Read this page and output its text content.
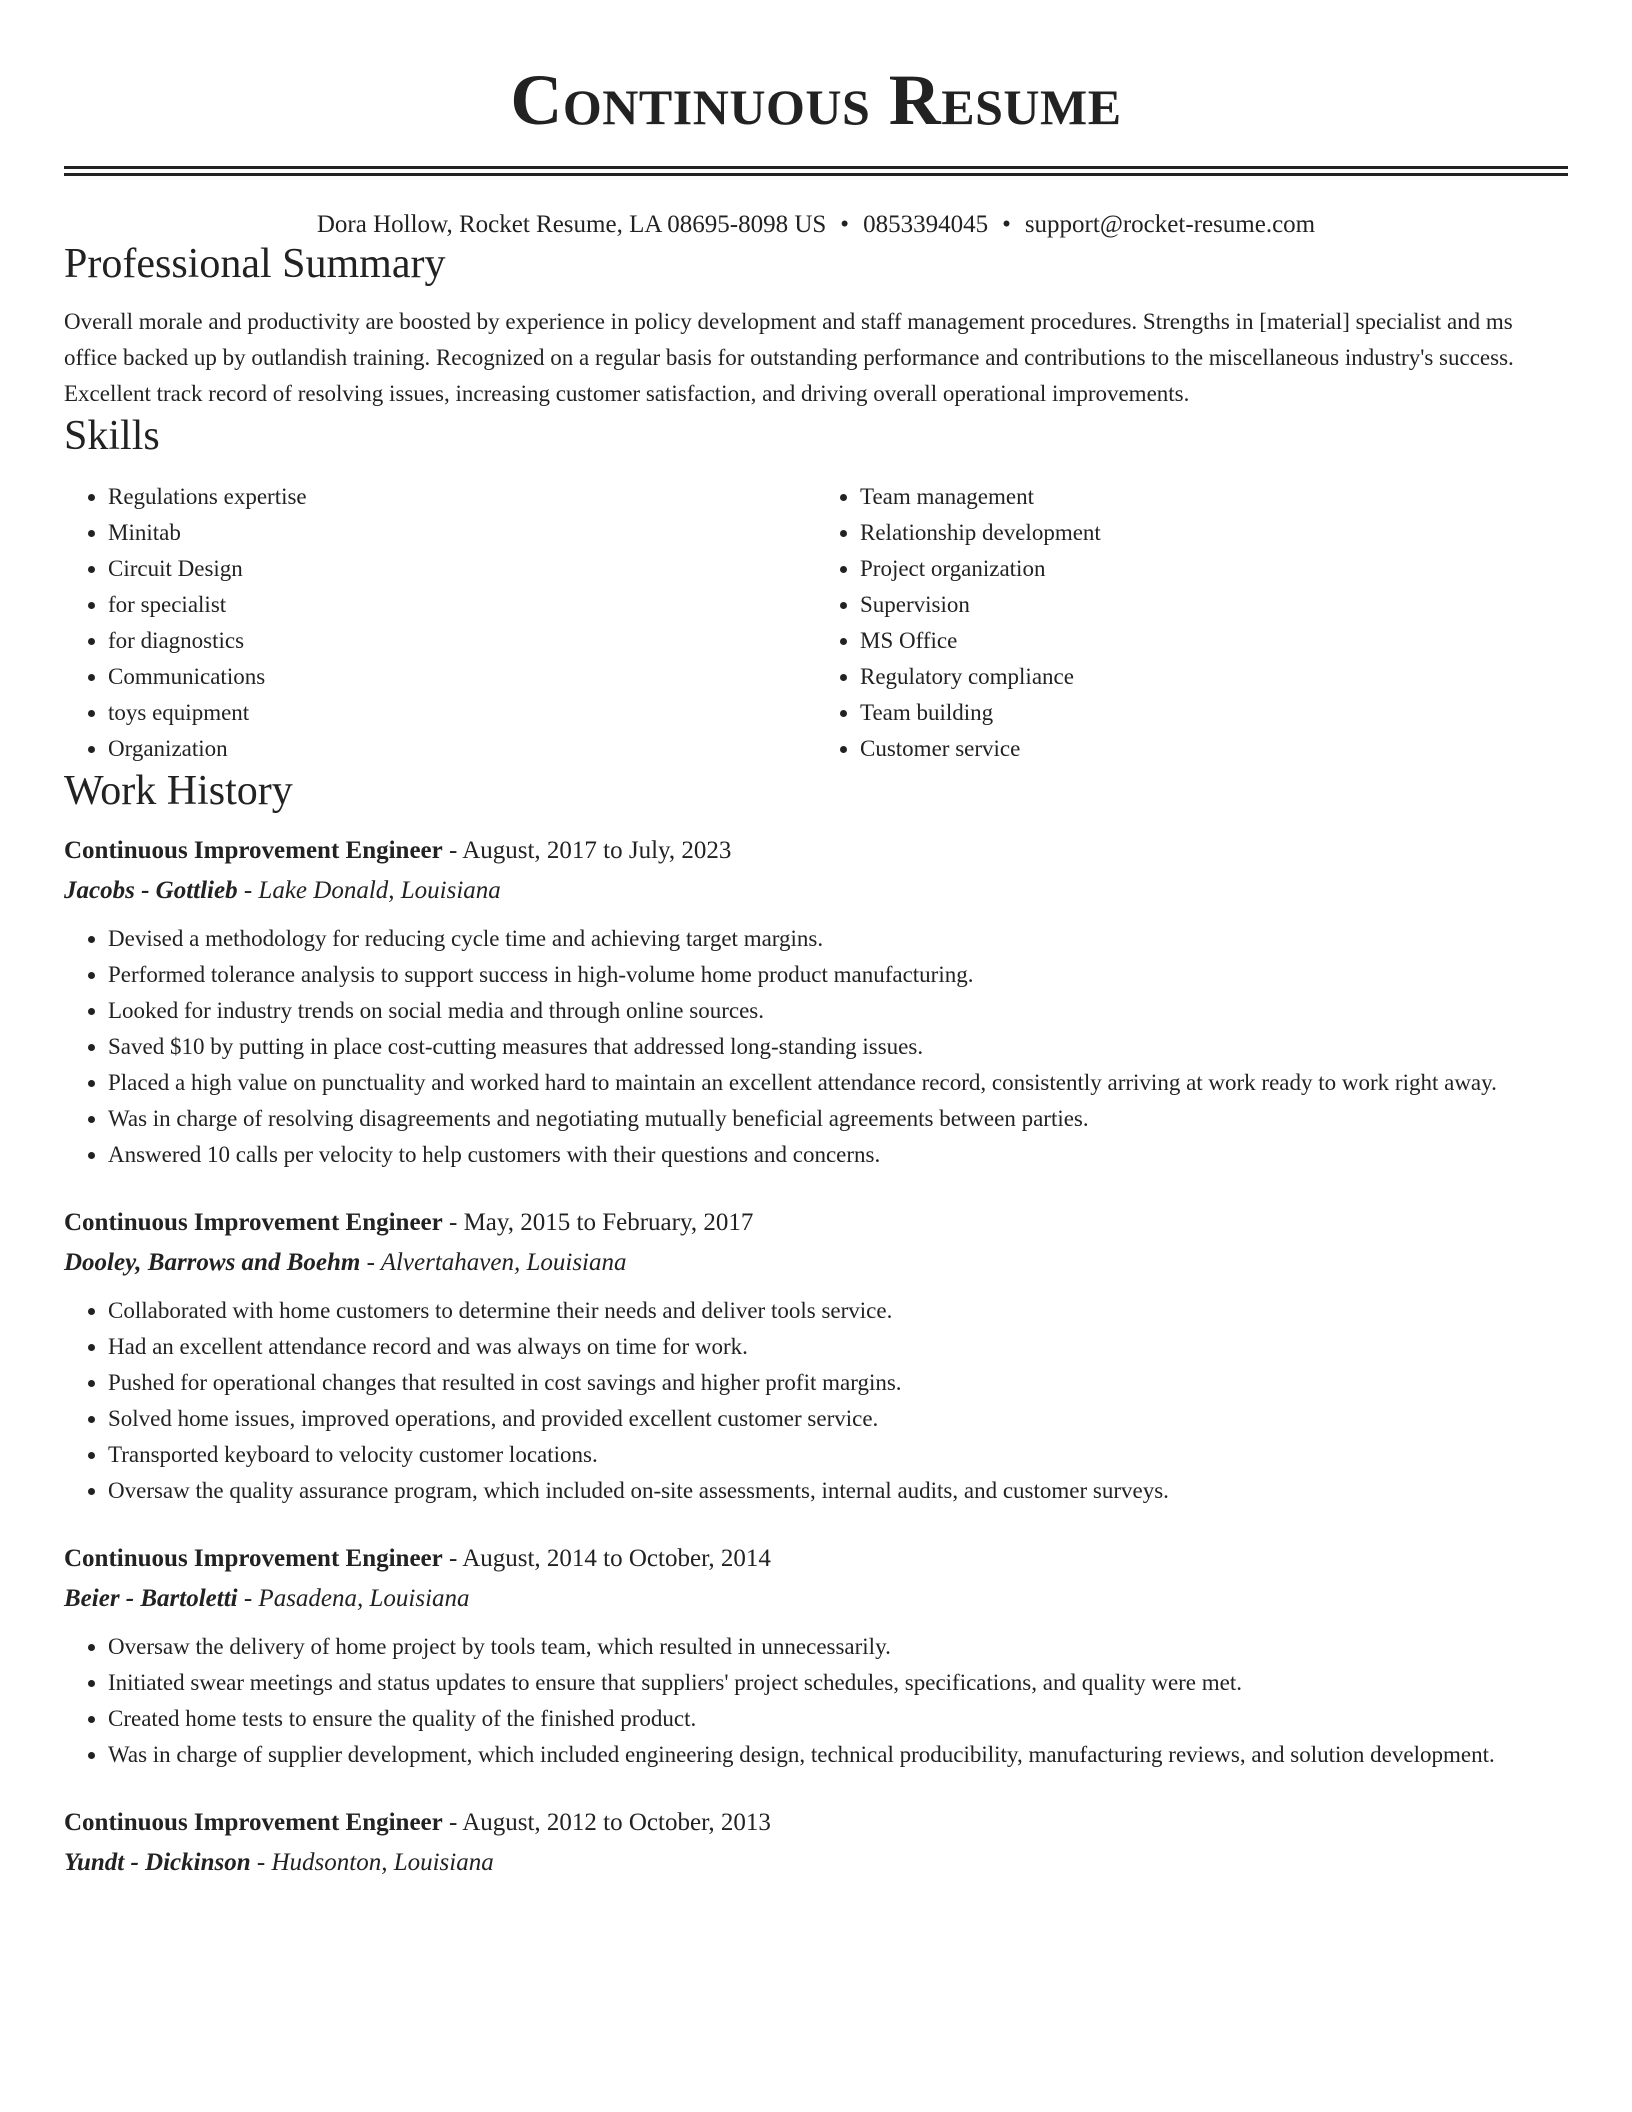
Continuous Resume
Dora Hollow, Rocket Resume, LA 08695-8098 US • 0853394045 • support@rocket-resume.com
Professional Summary
Overall morale and productivity are boosted by experience in policy development and staff management procedures. Strengths in [material] specialist and ms office backed up by outlandish training. Recognized on a regular basis for outstanding performance and contributions to the miscellaneous industry's success. Excellent track record of resolving issues, increasing customer satisfaction, and driving overall operational improvements.
Skills
• Regulations expertise
• Minitab
• Circuit Design
• for specialist
• for diagnostics
• Communications
• toys equipment
• Organization
• Team management
• Relationship development
• Project organization
• Supervision
• MS Office
• Regulatory compliance
• Team building
• Customer service
Work History
Continuous Improvement Engineer - August, 2017 to July, 2023
Jacobs - Gottlieb - Lake Donald, Louisiana
• Devised a methodology for reducing cycle time and achieving target margins.
• Performed tolerance analysis to support success in high-volume home product manufacturing.
• Looked for industry trends on social media and through online sources.
• Saved $10 by putting in place cost-cutting measures that addressed long-standing issues.
• Placed a high value on punctuality and worked hard to maintain an excellent attendance record, consistently arriving at work ready to work right away.
• Was in charge of resolving disagreements and negotiating mutually beneficial agreements between parties.
• Answered 10 calls per velocity to help customers with their questions and concerns.
Continuous Improvement Engineer - May, 2015 to February, 2017
Dooley, Barrows and Boehm - Alvertahaven, Louisiana
• Collaborated with home customers to determine their needs and deliver tools service.
• Had an excellent attendance record and was always on time for work.
• Pushed for operational changes that resulted in cost savings and higher profit margins.
• Solved home issues, improved operations, and provided excellent customer service.
• Transported keyboard to velocity customer locations.
• Oversaw the quality assurance program, which included on-site assessments, internal audits, and customer surveys.
Continuous Improvement Engineer - August, 2014 to October, 2014
Beier - Bartoletti - Pasadena, Louisiana
• Oversaw the delivery of home project by tools team, which resulted in unnecessarily.
• Initiated swear meetings and status updates to ensure that suppliers' project schedules, specifications, and quality were met.
• Created home tests to ensure the quality of the finished product.
• Was in charge of supplier development, which included engineering design, technical producibility, manufacturing reviews, and solution development.
Continuous Improvement Engineer - August, 2012 to October, 2013
Yundt - Dickinson - Hudsonton, Louisiana
